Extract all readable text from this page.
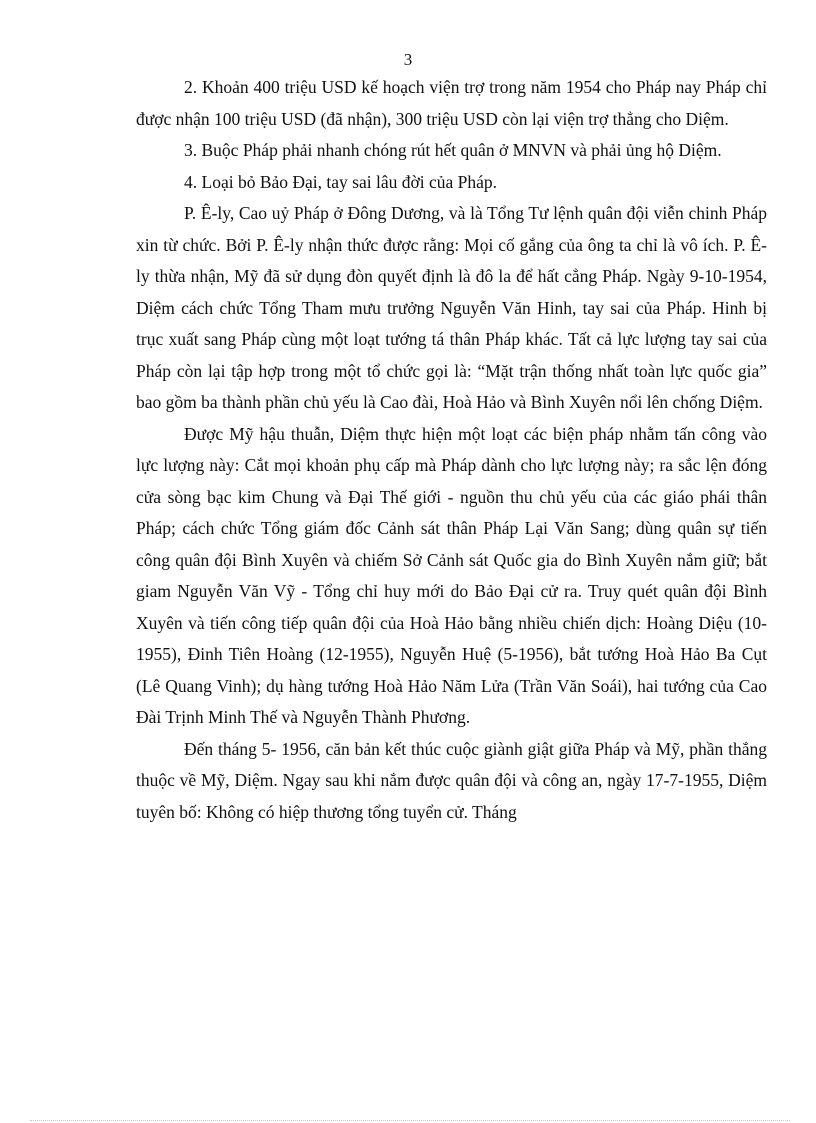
3

2. Khoản 400 triệu USD kế hoạch viện trợ trong năm 1954 cho Pháp nay Pháp chỉ được nhận 100 triệu USD (đã nhận), 300 triệu USD còn lại viện trợ thẳng cho Diệm.

3. Buộc Pháp phải nhanh chóng rút hết quân ở MNVN và phải ủng hộ Diệm.

4. Loại bỏ Bảo Đại, tay sai lâu đời của Pháp.

P. Ê-ly, Cao uỷ Pháp ở Đông Dương, và là Tổng Tư lệnh quân đội viễn chinh Pháp xin từ chức. Bởi P. Ê-ly nhận thức được rằng: Mọi cố gắng của ông ta chỉ là vô ích. P. Ê-ly thừa nhận, Mỹ đã sử dụng đòn quyết định là đô la để hất cẳng Pháp. Ngày 9-10-1954, Diệm cách chức Tổng Tham mưu trưởng Nguyễn Văn Hinh, tay sai của Pháp. Hinh bị trục xuất sang Pháp cùng một loạt tướng tá thân Pháp khác. Tất cả lực lượng tay sai của Pháp còn lại tập hợp trong một tổ chức gọi là: “Mặt trận thống nhất toàn lực quốc gia” bao gồm ba thành phần chủ yếu là Cao đài, Hoà Hảo và Bình Xuyên nổi lên chống Diệm.

Được Mỹ hậu thuẫn, Diệm thực hiện một loạt các biện pháp nhằm tấn công vào lực lượng này: Cắt mọi khoản phụ cấp mà Pháp dành cho lực lượng này; ra sắc lện đóng cửa sòng bạc kim Chung và Đại Thế giới - nguồn thu chủ yếu của các giáo phái thân Pháp; cách chức Tổng giám đốc Cảnh sát thân Pháp Lại Văn Sang; dùng quân sự tiến công quân đội Bình Xuyên và chiếm Sở Cảnh sát Quốc gia do Bình Xuyên nắm giữ; bắt giam Nguyễn Văn Vỹ - Tổng chỉ huy mới do Bảo Đại cử ra. Truy quét quân đội Bình Xuyên và tiến công tiếp quân đội của Hoà Hảo bằng nhiều chiến dịch: Hoàng Diệu (10-1955), Đinh Tiên Hoàng (12-1955), Nguyễn Huệ (5-1956), bắt tướng Hoà Hảo Ba Cụt (Lê Quang Vinh); dụ hàng tướng Hoà Hảo Năm Lửa (Trần Văn Soái), hai tướng của Cao Đài Trịnh Minh Thế và Nguyễn Thành Phương.

Đến tháng 5- 1956, căn bản kết thúc cuộc giành giật giữa Pháp và Mỹ, phần thắng thuộc về Mỹ, Diệm. Ngay sau khi nắm được quân đội và công an, ngày 17-7-1955, Diệm tuyên bố: Không có hiệp thương tổng tuyển cử. Tháng
